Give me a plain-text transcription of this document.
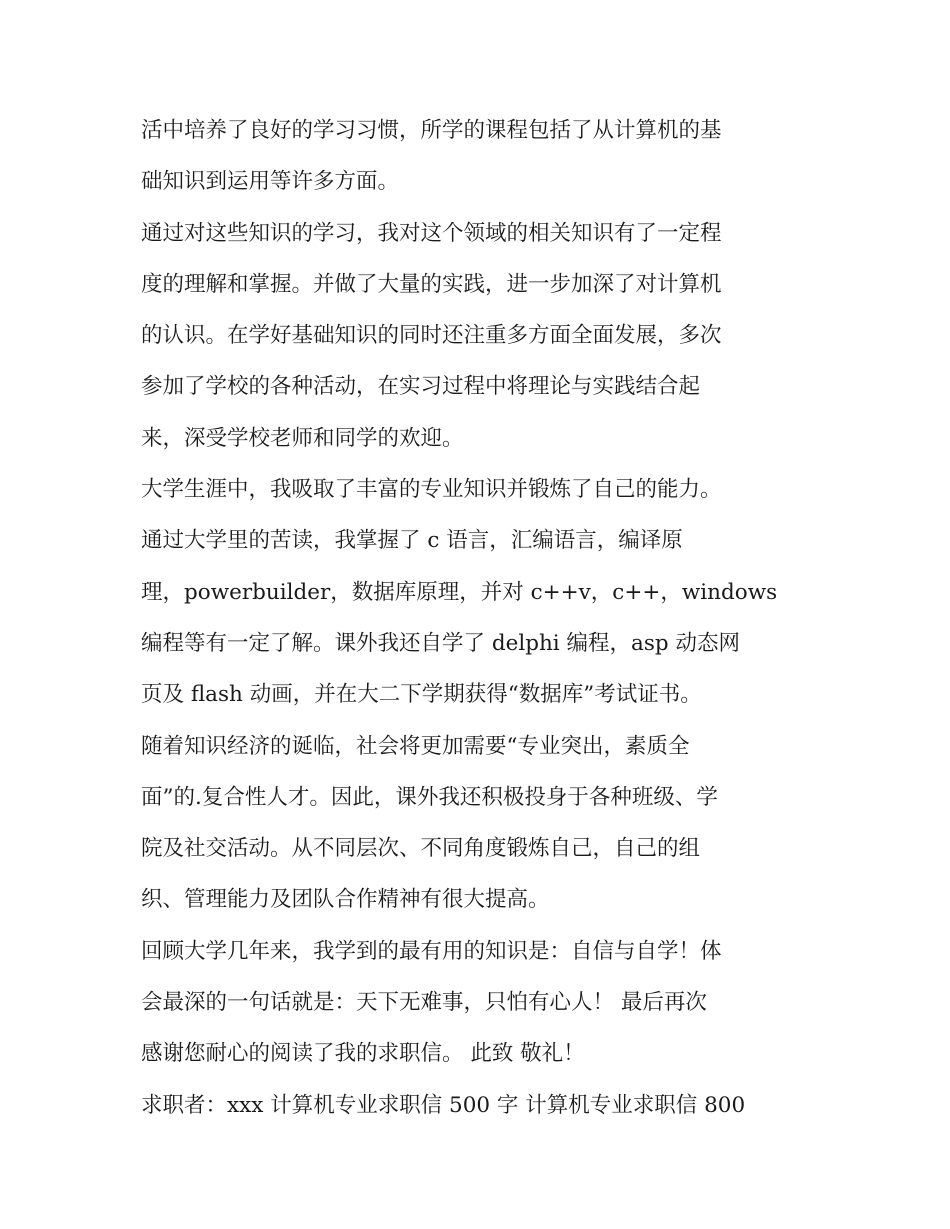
活中培养了良好的学习习惯，所学的课程包括了从计算机的基
础知识到运用等许多方面。
通过对这些知识的学习，我对这个领域的相关知识有了一定程
度的理解和掌握。并做了大量的实践，进一步加深了对计算机
的认识。在学好基础知识的同时还注重多方面全面发展，多次
参加了学校的各种活动，在实习过程中将理论与实践结合起
来，深受学校老师和同学的欢迎。
大学生涯中，我吸取了丰富的专业知识并锻炼了自己的能力。
通过大学里的苦读，我掌握了 c 语言，汇编语言，编译原
理，powerbuilder，数据库原理，并对 c++v，c++，windows
编程等有一定了解。课外我还自学了 delphi 编程，asp 动态网
页及 flash 动画，并在大二下学期获得“数据库”考试证书。
随着知识经济的诞临，社会将更加需要“专业突出，素质全
面”的.复合性人才。因此，课外我还积极投身于各种班级、学
院及社交活动。从不同层次、不同角度锻炼自己，自己的组
织、管理能力及团队合作精神有很大提高。
回顾大学几年来，我学到的最有用的知识是：自信与自学！体
会最深的一句话就是：天下无难事，只怕有心人！ 最后再次
感谢您耐心的阅读了我的求职信。 此致 敬礼！
求职者：xxx 计算机专业求职信 500 字 计算机专业求职信 800
